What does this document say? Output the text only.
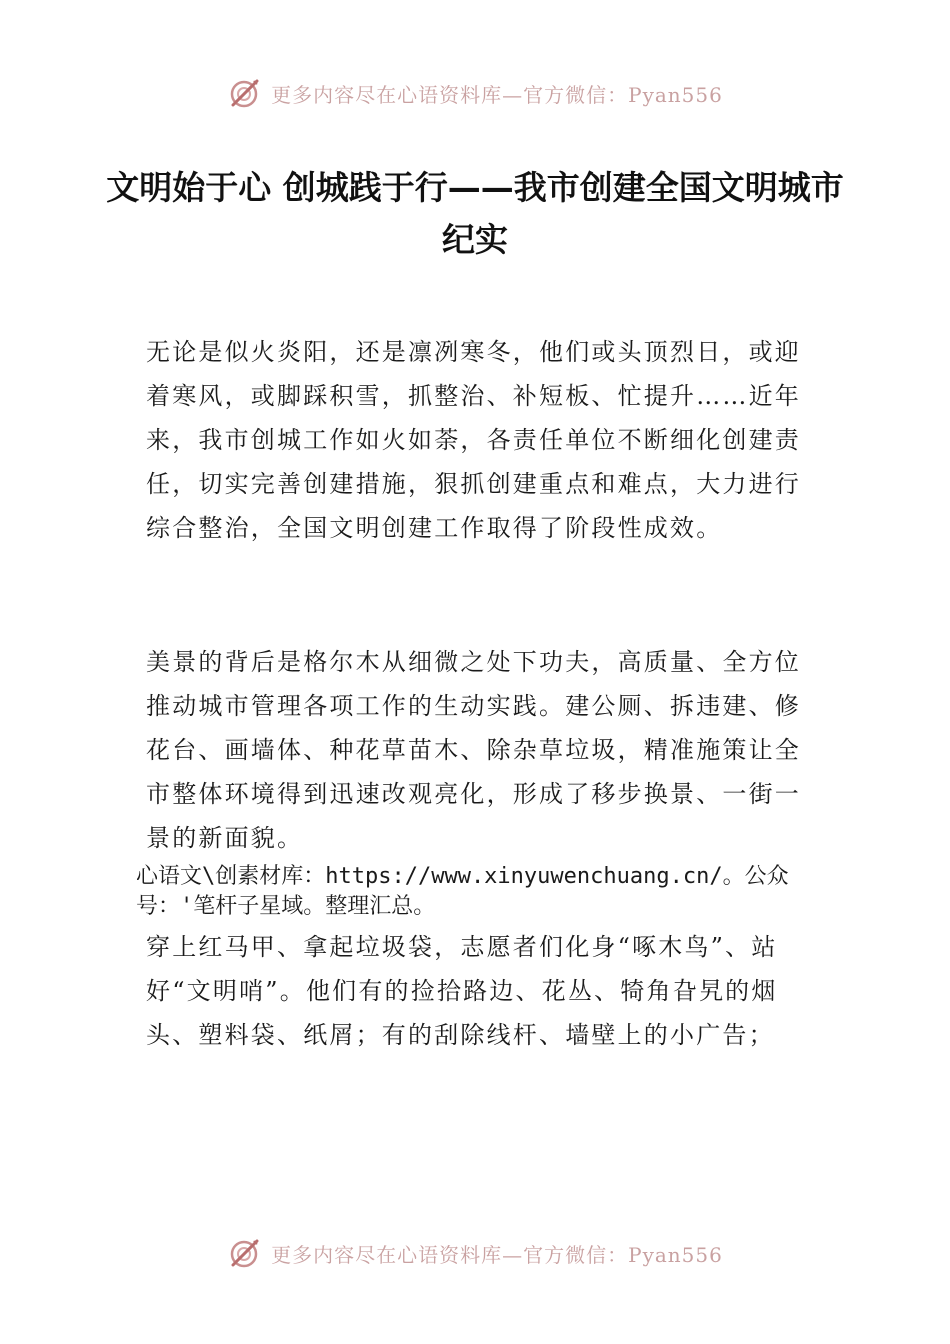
更多内容尽在心语资料库—官方微信：Pyan556
文明始于心 创城践于行——我市创建全国文明城市纪实
无论是似火炎阳，还是凛冽寒冬，他们或头顶烈日，或迎着寒风，或脚踩积雪，抓整治、补短板、忙提升……近年来，我市创城工作如火如荼，各责任单位不断细化创建责任，切实完善创建措施，狠抓创建重点和难点，大力进行综合整治，全国文明创建工作取得了阶段性成效。
美景的背后是格尔木从细微之处下功夫，高质量、全方位推动城市管理各项工作的生动实践。建公厕、拆违建、修花台、画墙体、种花草苗木、除杂草垃圾，精准施策让全市整体环境得到迅速改观亮化，形成了移步换景、一街一景的新面貌。
心语文\创素材库：https://www.xinyuwenchuang.cn/。公众号：'笔杆子星域。整理汇总。
穿上红马甲、拿起垃圾袋，志愿者们化身“啄木鸟”、站好“文明哨”。他们有的捡拾路边、花丛、犄角旮旯的烟头、塑料袋、纸屑；有的刮除线杆、墙壁上的小广告；
更多内容尽在心语资料库—官方微信：Pyan556
